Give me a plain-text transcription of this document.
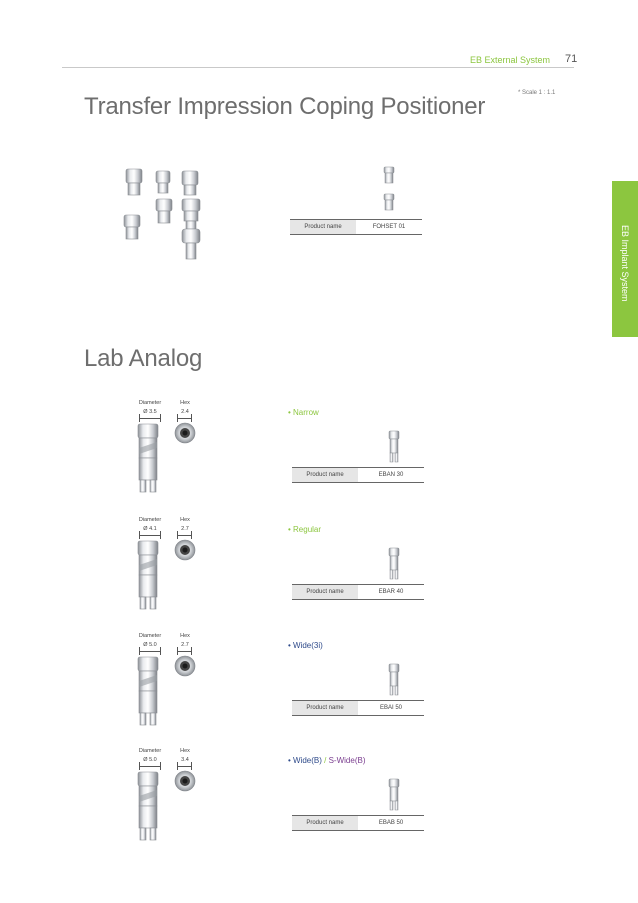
EB External System 71
* Scale 1 : 1.1
EB Implant System
Transfer Impression Coping Positioner
Product name	FOHSET 01
Lab Analog
Diameter
Ø 3.5
Hex
2.4	• Narrow
Product name	EBAN 30
Diameter
Ø 4.1
Hex
2.7	• Regular
Product name	EBAR 40
Diameter
Ø 5.0
Hex
2.7	• Wide(3i)
Product name	EBAI 50
Diameter
Ø 5.0
Hex
3.4	• Wide(B) / S-Wide(B)
Product name	EBAB 50
